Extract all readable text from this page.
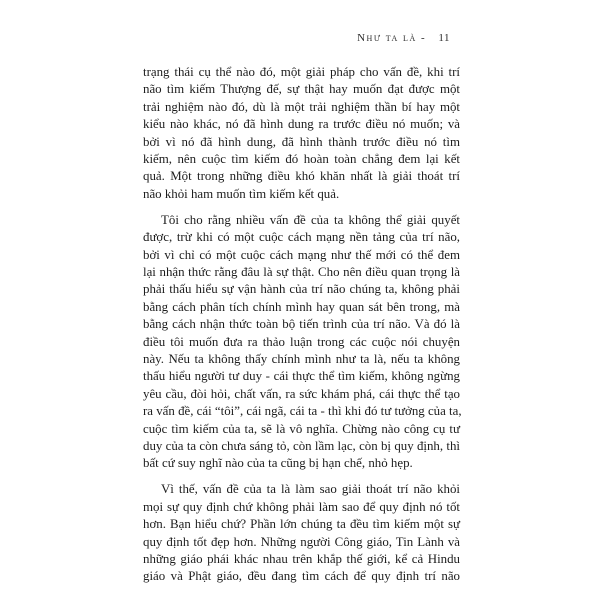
Như ta là - 11

trạng thái cụ thể nào đó, một giải pháp cho vấn đề, khi trí
não tìm kiếm Thượng đế, sự thật hay muốn đạt được một
trải nghiệm nào đó, dù là một trải nghiệm thần bí hay một
kiểu nào khác, nó đã hình dung ra trước điều nó muốn; và
bởi vì nó đã hình dung, đã hình thành trước điều nó tìm
kiếm, nên cuộc tìm kiếm đó hoàn toàn chẳng đem lại kết
quả. Một trong những điều khó khăn nhất là giải thoát trí
não khỏi ham muốn tìm kiếm kết quả.

Tôi cho rằng nhiều vấn đề của ta không thể giải quyết
được, trừ khi có một cuộc cách mạng nền tảng của trí não,
bởi vì chỉ có một cuộc cách mạng như thế mới có thể đem
lại nhận thức rằng đâu là sự thật. Cho nên điều quan trọng là
phải thấu hiểu sự vận hành của trí não chúng ta, không phải
bằng cách phân tích chính mình hay quan sát bên trong, mà
bằng cách nhận thức toàn bộ tiến trình của trí não. Và đó là
điều tôi muốn đưa ra thảo luận trong các cuộc nói chuyện
này. Nếu ta không thấy chính mình như ta là, nếu ta không
thấu hiểu người tư duy - cái thực thể tìm kiếm, không ngừng
yêu cầu, đòi hỏi, chất vấn, ra sức khám phá, cái thực thể tạo
ra vấn đề, cái “tôi”, cái ngã, cái ta - thì khi đó tư tưởng của ta,
cuộc tìm kiếm của ta, sẽ là vô nghĩa. Chừng nào công cụ tư
duy của ta còn chưa sáng tỏ, còn lầm lạc, còn bị quy định, thì
bất cứ suy nghĩ nào của ta cũng bị hạn chế, nhỏ hẹp.

Vì thế, vấn đề của ta là làm sao giải thoát trí não khỏi
mọi sự quy định chứ không phải làm sao để quy định nó tốt
hơn. Bạn hiểu chứ? Phần lớn chúng ta đều tìm kiếm một sự
quy định tốt đẹp hơn. Những người Công giáo, Tin Lành và
những giáo phái khác nhau trên khắp thế giới, kể cả Hindu
giáo và Phật giáo, đều đang tìm cách để quy định trí não
